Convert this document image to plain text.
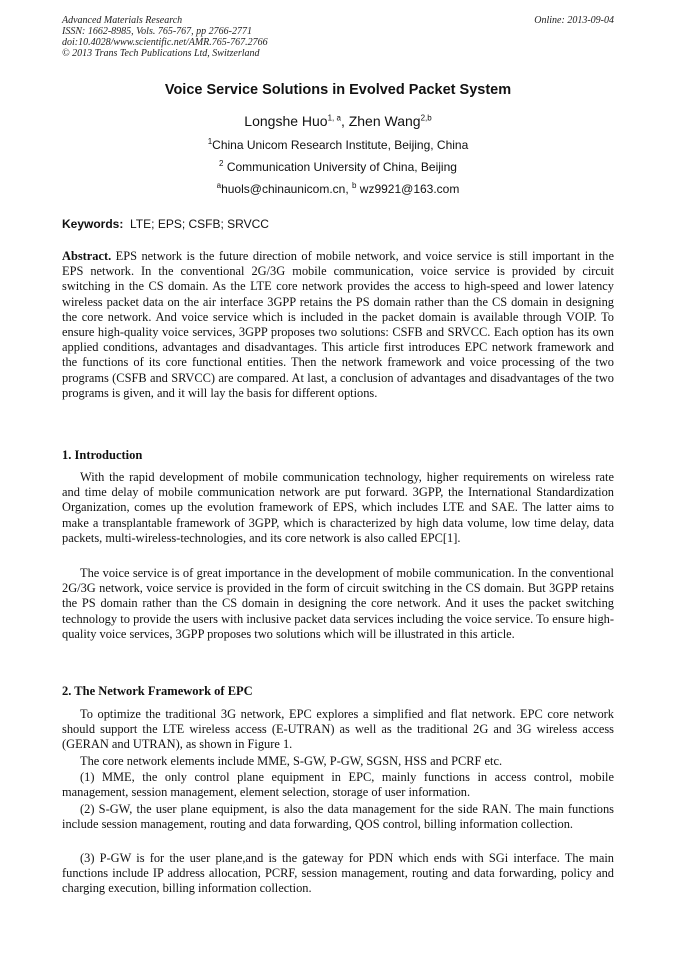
Advanced Materials Research
ISSN: 1662-8985, Vols. 765-767, pp 2766-2771
doi:10.4028/www.scientific.net/AMR.765-767.2766
© 2013 Trans Tech Publications Ltd, Switzerland
Online: 2013-09-04
Voice Service Solutions in Evolved Packet System
Longshe Huo$^{1, a}$, Zhen Wang$^{2,b}$
$^1$China Unicom Research Institute, Beijing, China
$^2$ Communication University of China, Beijing
$^a$huols@chinaunicom.cn, $^b$ wz9921@163.com
Keywords:  LTE; EPS; CSFB; SRVCC

Abstract. EPS network is the future direction of mobile network, and voice service is still important in the EPS network. In the conventional 2G/3G mobile communication, voice service is provided by circuit switching in the CS domain. As the LTE core network provides the access to high-speed and lower latency wireless packet data on the air interface 3GPP retains the PS domain rather than the CS domain in designing the core network. And voice service which is included in the packet domain is available through VOIP. To ensure high-quality voice services, 3GPP proposes two solutions: CSFB and SRVCC. Each option has its own applied conditions, advantages and disadvantages. This article first introduces EPC network framework and the functions of its core functional entities. Then the network framework and voice processing of the two programs (CSFB and SRVCC) are compared. At last, a conclusion of advantages and disadvantages of the two programs is given, and it will lay the basis for different options.

1. Introduction

With the rapid development of mobile communication technology, higher requirements on wireless rate and time delay of mobile communication network are put forward. 3GPP, the International Standardization Organization, comes up the evolution framework of EPS, which includes LTE and SAE. The latter aims to make a transplantable framework of 3GPP, which is characterized by high data volume, low time delay, data packets, multi-wireless-technologies, and its core network is also called EPC[1].

The voice service is of great importance in the development of mobile communication. In the conventional 2G/3G network, voice service is provided in the form of circuit switching in the CS domain. But 3GPP retains the PS domain rather than the CS domain in designing the core network. And it uses the packet switching technology to provide the users with inclusive packet data services including the voice service. To ensure high-quality voice services, 3GPP proposes two solutions which will be illustrated in this article.

2. The Network Framework of EPC

To optimize the traditional 3G network, EPC explores a simplified and flat network. EPC core network should support the LTE wireless access (E-UTRAN) as well as the traditional 2G and 3G wireless access (GERAN and UTRAN), as shown in Figure 1.

The core network elements include MME, S-GW, P-GW, SGSN, HSS and PCRF etc.

(1) MME, the only control plane equipment in EPC, mainly functions in access control, mobile management, session management, element selection, storage of user information.

(2) S-GW, the user plane equipment, is also the data management for the side RAN. The main functions include session management, routing and data forwarding, QOS control, billing information collection.

(3) P-GW is for the user plane,and is the gateway for PDN which ends with SGi interface. The main functions include IP address allocation, PCRF, session management, routing and data forwarding, policy and charging execution, billing information collection.
